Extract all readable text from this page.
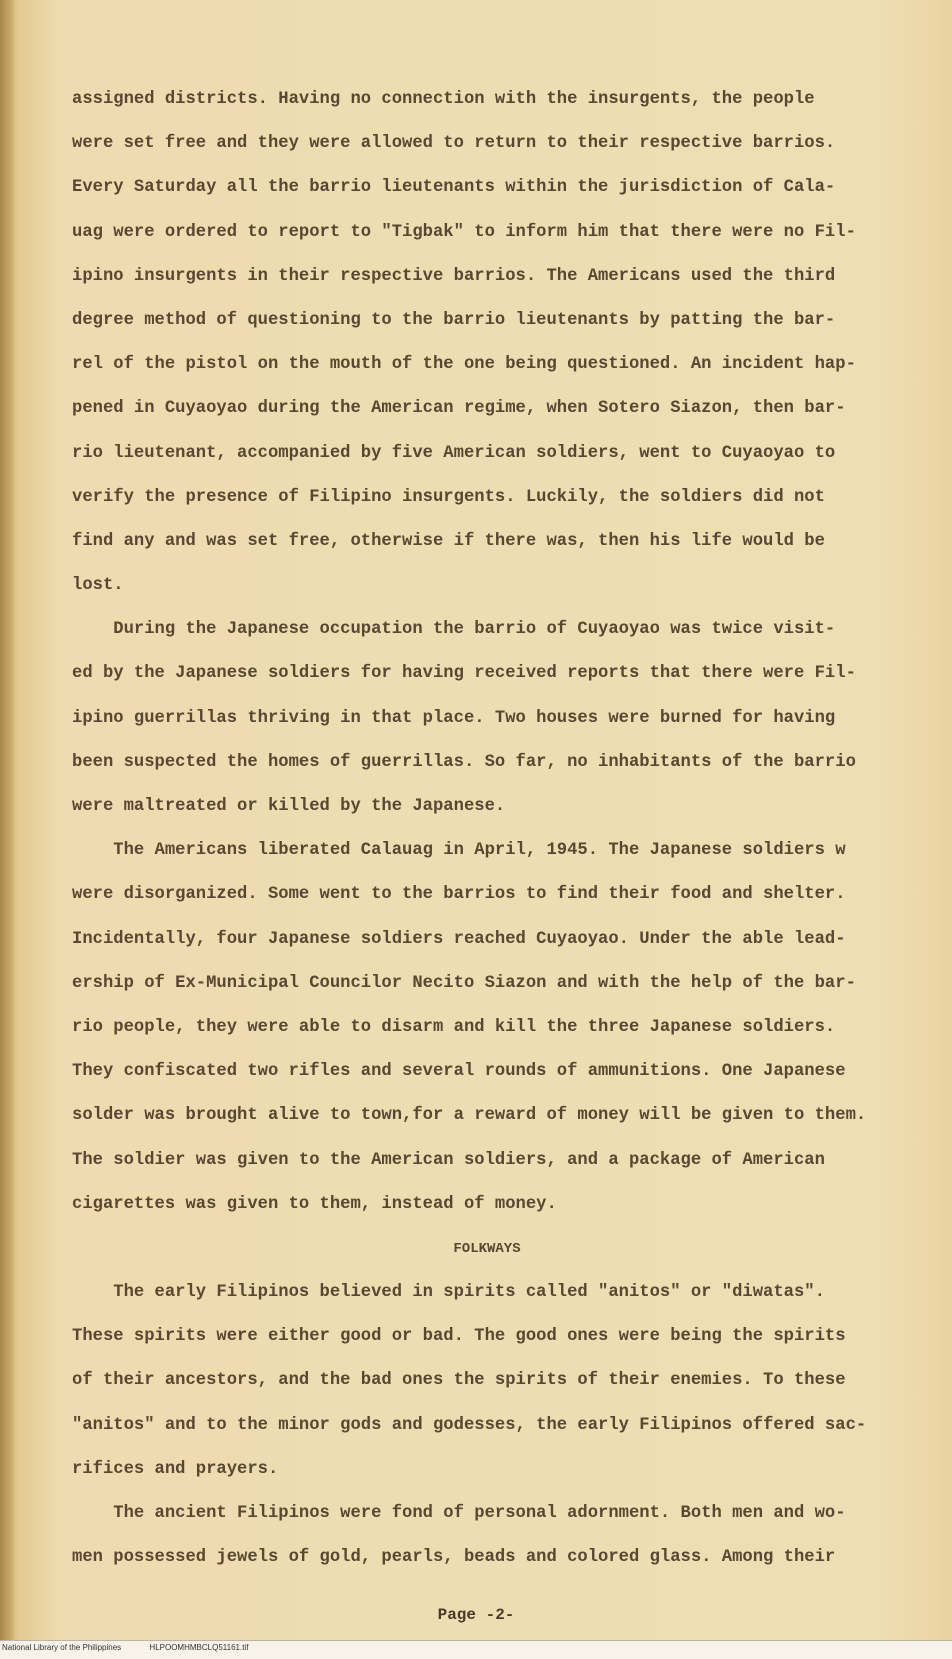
assigned districts. Having no connection with the insurgents, the people
were set free and they were allowed to return to their respective barrios.
Every Saturday all the barrio lieutenants within the jurisdiction of Cala-
uag were ordered to report to "Tigbak" to inform him that there were no Fil-
ipino insurgents in their respective barrios. The Americans used the third
degree method of questioning to the barrio lieutenants by patting the bar-
rel of the pistol on the mouth of the one being questioned. An incident hap-
pened in Cuyaoyao during the American regime, when Sotero Siazon, then bar-
rio lieutenant, accompanied by five American soldiers, went to Cuyaoyao to
verify the presence of Filipino insurgents. Luckily, the soldiers did not
find any and was set free, otherwise if there was, then his life would be
lost.
During the Japanese occupation the barrio of Cuyaoyao was twice visit-
ed by the Japanese soldiers for having received reports that there were Fil-
ipino guerrillas thriving in that place. Two houses were burned for having
been suspected the homes of guerrillas. So far, no inhabitants of the barrio
were maltreated or killed by the Japanese.
The Americans liberated Calauag in April, 1945. The Japanese soldiers w
were disorganized. Some went to the barrios to find their food and shelter.
Incidentally, four Japanese soldiers reached Cuyaoyao. Under the able lead-
ership of Ex-Municipal Councilor Necito Siazon and with the help of the bar-
rio people, they were able to disarm and kill the three Japanese soldiers.
They confiscated two rifles and several rounds of ammunitions. One Japanese
solder was brought alive to town,for a reward of money will be given to them.
The soldier was given to the American soldiers, and a package of American
cigarettes was given to them, instead of money.
FOLKWAYS
The early Filipinos believed in spirits called "anitos" or "diwatas".
These spirits were either good or bad. The good ones were being the spirits
of their ancestors, and the bad ones the spirits of their enemies. To these
"anitos" and to the minor gods and godesses, the early Filipinos offered sac-
rifices and prayers.
The ancient Filipinos were fond of personal adornment. Both men and wo-
men possessed jewels of gold, pearls, beads and colored glass. Among their
Page -2-
National Library of the Philippines	HLPOOMHMBCLQ51161.tif
